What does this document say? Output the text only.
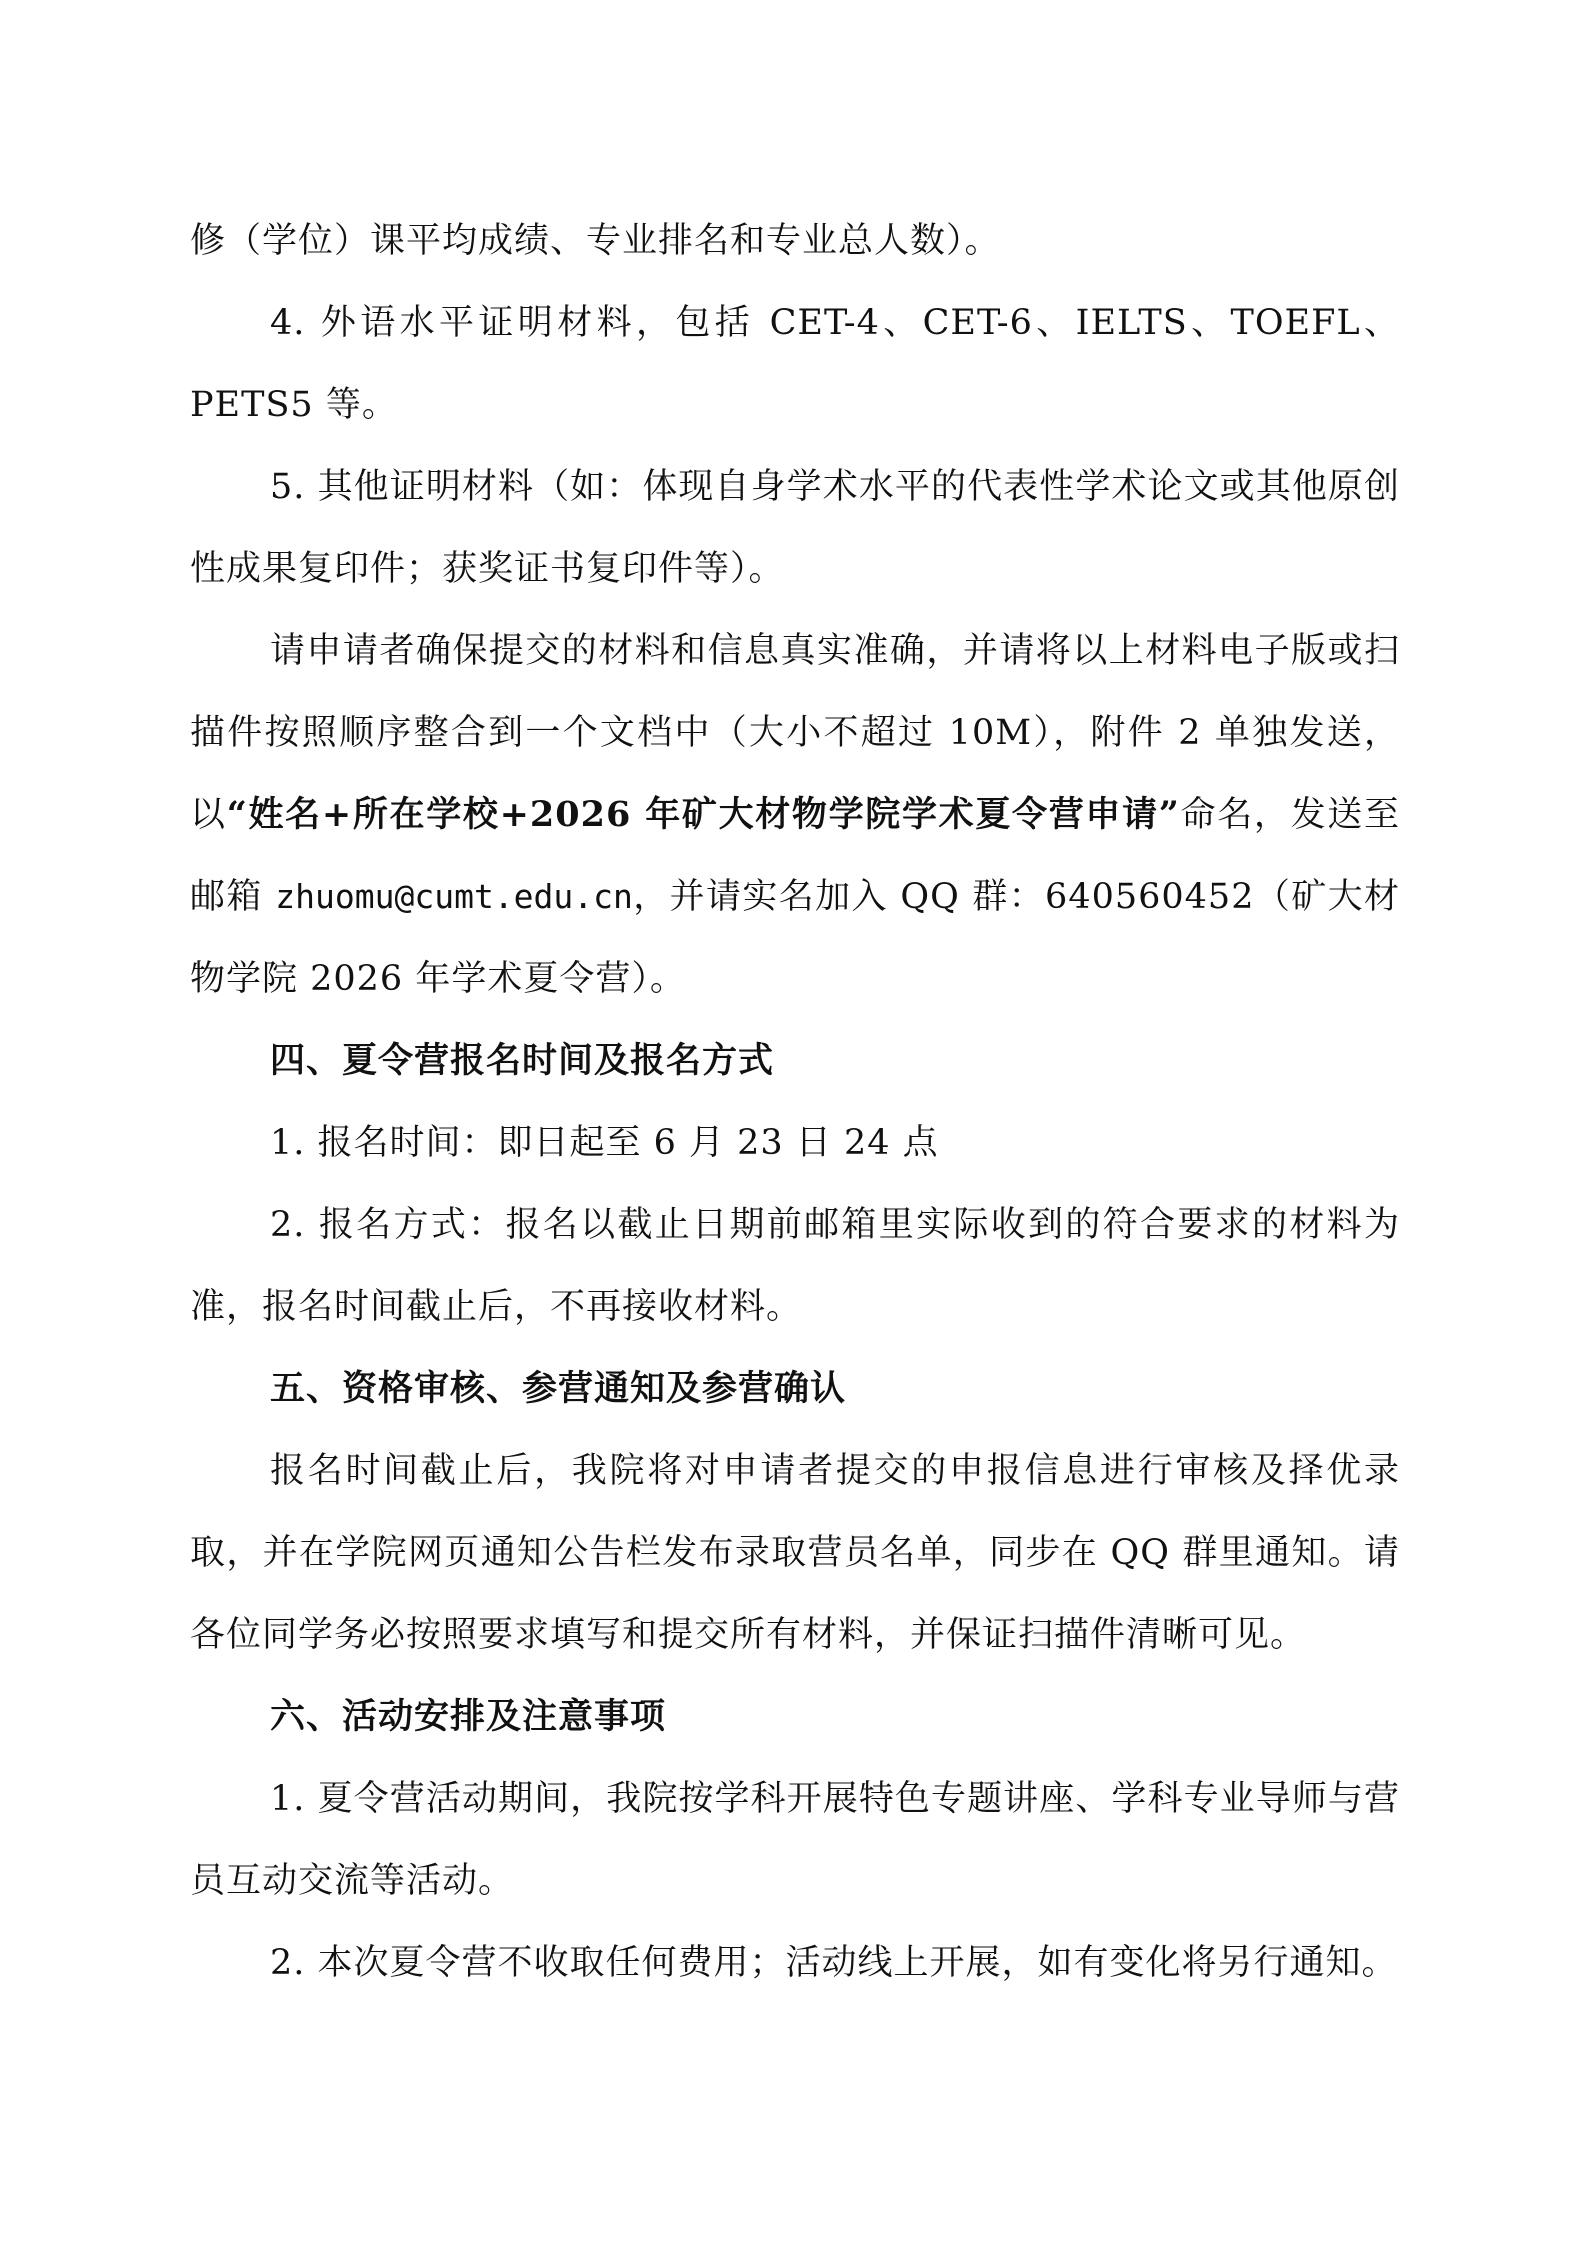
修（学位）课平均成绩、专业排名和专业总人数）。

4. 外语水平证明材料，包括 CET-4、CET-6、IELTS、TOEFL、PETS5 等。

5. 其他证明材料（如：体现自身学术水平的代表性学术论文或其他原创性成果复印件；获奖证书复印件等）。

请申请者确保提交的材料和信息真实准确，并请将以上材料电子版或扫描件按照顺序整合到一个文档中（大小不超过 10M），附件 2 单独发送，以“姓名+所在学校+2026 年矿大材物学院学术夏令营申请”命名，发送至邮箱 zhuomu@cumt.edu.cn，并请实名加入 QQ 群：640560452（矿大材物学院 2026 年学术夏令营）。

四、夏令营报名时间及报名方式

1. 报名时间：即日起至 6 月 23 日 24 点

2. 报名方式：报名以截止日期前邮箱里实际收到的符合要求的材料为准，报名时间截止后，不再接收材料。

五、资格审核、参营通知及参营确认

报名时间截止后，我院将对申请者提交的申报信息进行审核及择优录取，并在学院网页通知公告栏发布录取营员名单，同步在 QQ 群里通知。请各位同学务必按照要求填写和提交所有材料，并保证扫描件清晰可见。

六、活动安排及注意事项

1. 夏令营活动期间，我院按学科开展特色专题讲座、学科专业导师与营员互动交流等活动。

2. 本次夏令营不收取任何费用；活动线上开展，如有变化将另行通知。
